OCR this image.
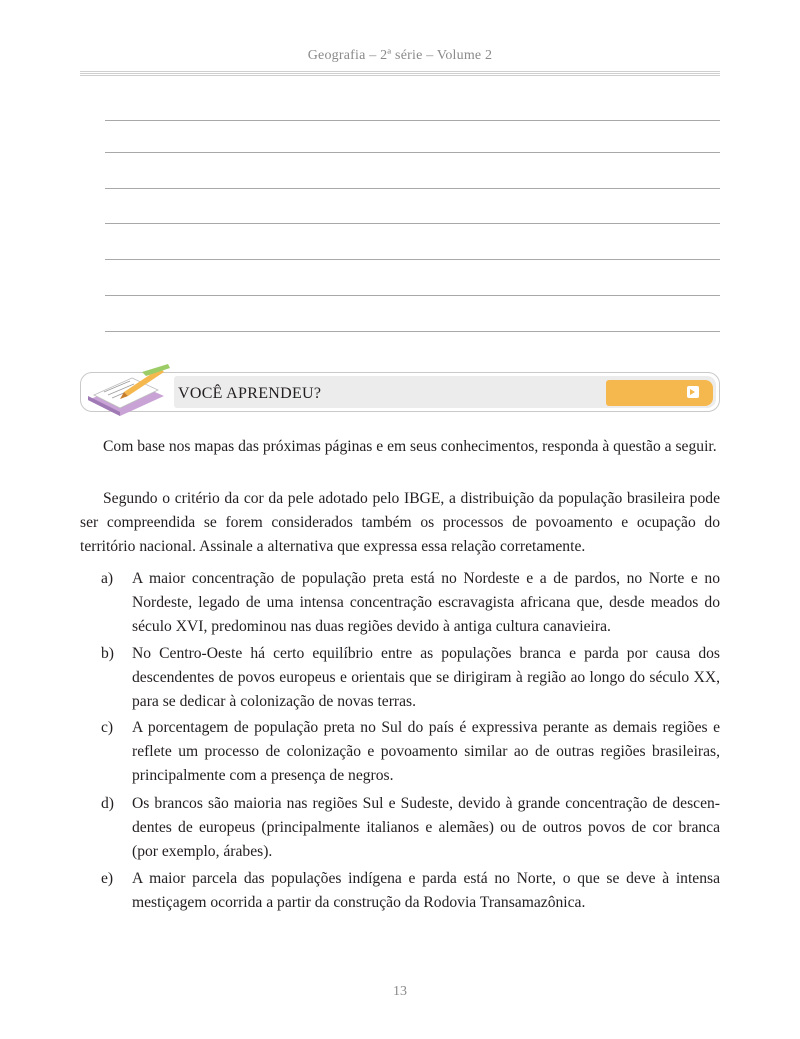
Geografia – 2ª série – Volume 2
VOCÊ APRENDEU?

Com base nos mapas das próximas páginas e em seus conhecimentos, responda à questão a seguir.

Segundo o critério da cor da pele adotado pelo IBGE, a distribuição da população brasileira pode ser compreendida se forem considerados também os processos de povoamento e ocupação do território nacional. Assinale a alternativa que expressa essa relação corretamente.

a) A maior concentração de população preta está no Nordeste e a de pardos, no Norte e no Nordeste, legado de uma intensa concentração escravagista africana que, desde meados do século XVI, predominou nas duas regiões devido à antiga cultura canavieira.
b) No Centro-Oeste há certo equilíbrio entre as populações branca e parda por causa dos descendentes de povos europeus e orientais que se dirigiram à região ao longo do século XX, para se dedicar à colonização de novas terras.
c) A porcentagem de população preta no Sul do país é expressiva perante as demais regiões e reflete um processo de colonização e povoamento similar ao de outras regiões brasileiras, principalmente com a presença de negros.
d) Os brancos são maioria nas regiões Sul e Sudeste, devido à grande concentração de descen-dentes de europeus (principalmente italianos e alemães) ou de outros povos de cor branca (por exemplo, árabes).
e) A maior parcela das populações indígena e parda está no Norte, o que se deve à intensa mestiçagem ocorrida a partir da construção da Rodovia Transamazônica.
13
